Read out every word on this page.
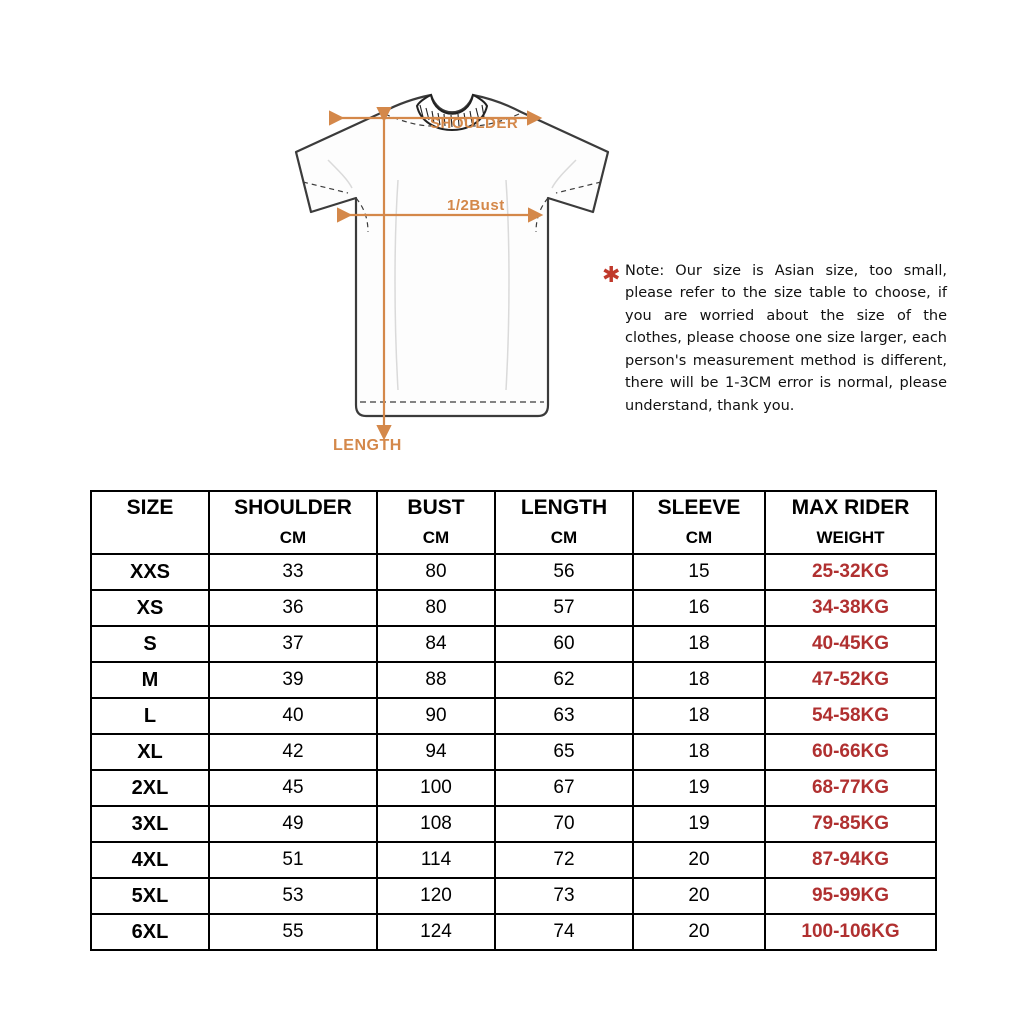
SHOULDER
1/2Bust
LENGTH
✱ Note: Our size is Asian size, too small, please refer to the size table to choose, if you are worried about the size of the clothes, please choose one size larger, each person's measurement method is different, there will be 1-3CM error is normal, please understand, thank you.
SIZE	SHOULDER	BUST	LENGTH	SLEEVE	MAX RIDER
	CM	CM	CM	CM	WEIGHT
XXS	33	80	56	15	25-32KG
XS	36	80	57	16	34-38KG
S	37	84	60	18	40-45KG
M	39	88	62	18	47-52KG
L	40	90	63	18	54-58KG
XL	42	94	65	18	60-66KG
2XL	45	100	67	19	68-77KG
3XL	49	108	70	19	79-85KG
4XL	51	114	72	20	87-94KG
5XL	53	120	73	20	95-99KG
6XL	55	124	74	20	100-106KG
